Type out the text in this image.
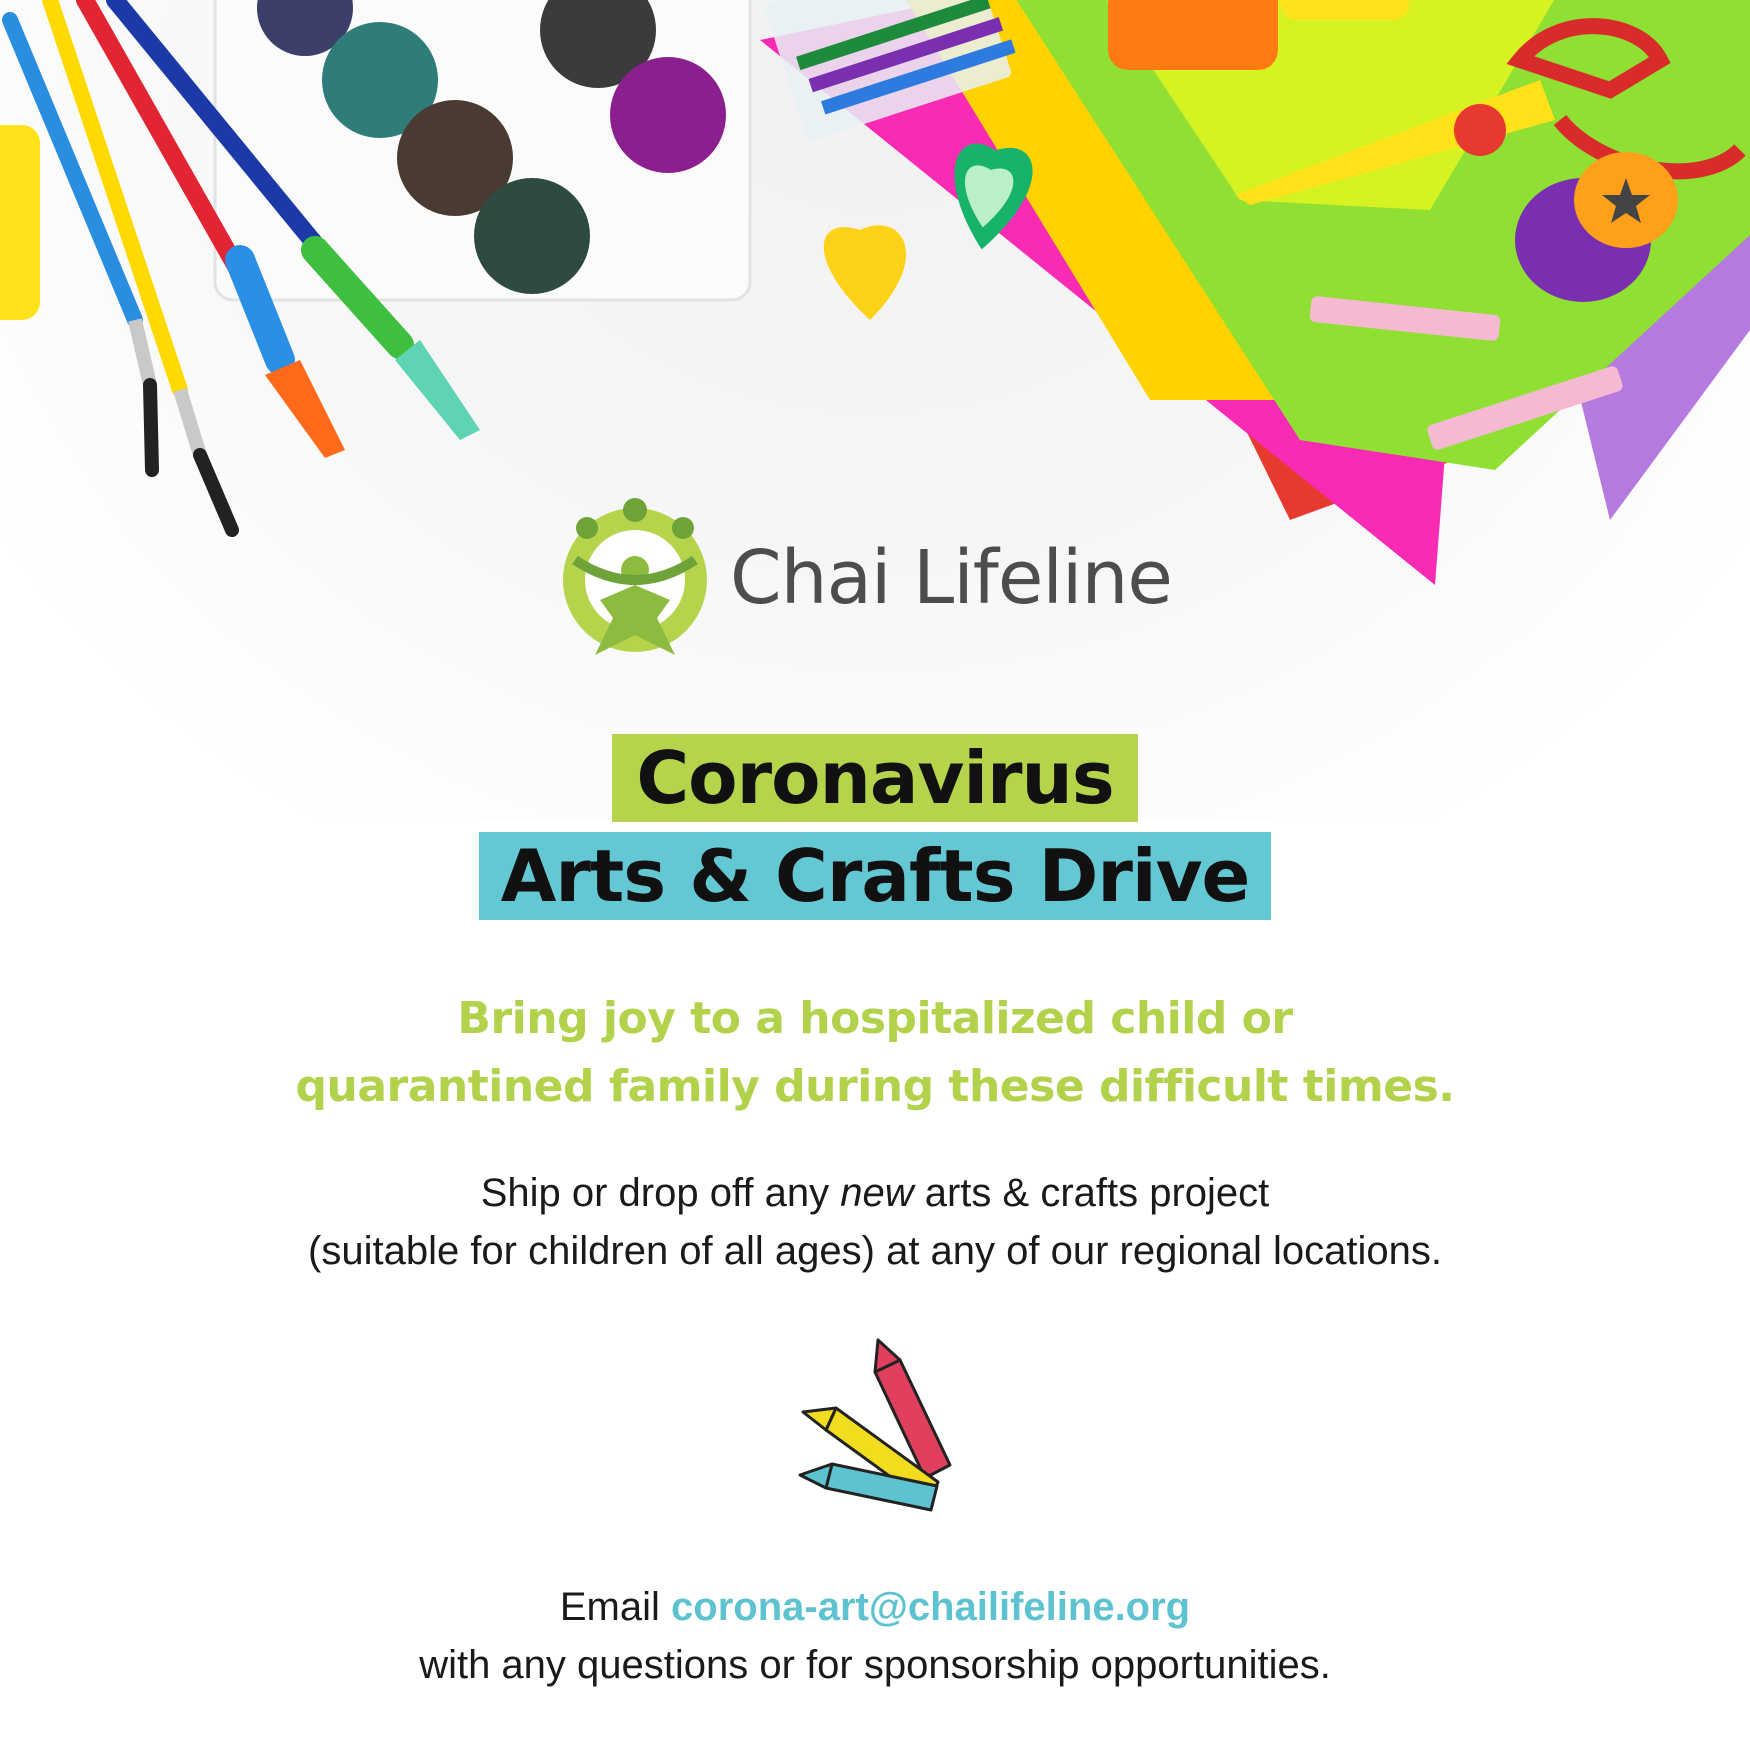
Chai Lifeline
Coronavirus
Arts & Crafts Drive
Bring joy to a hospitalized child or
quarantined family during these difficult times.
Ship or drop off any new arts & crafts project
(suitable for children of all ages) at any of our regional locations.
Email corona-art@chailifeline.org
with any questions or for sponsorship opportunities.
